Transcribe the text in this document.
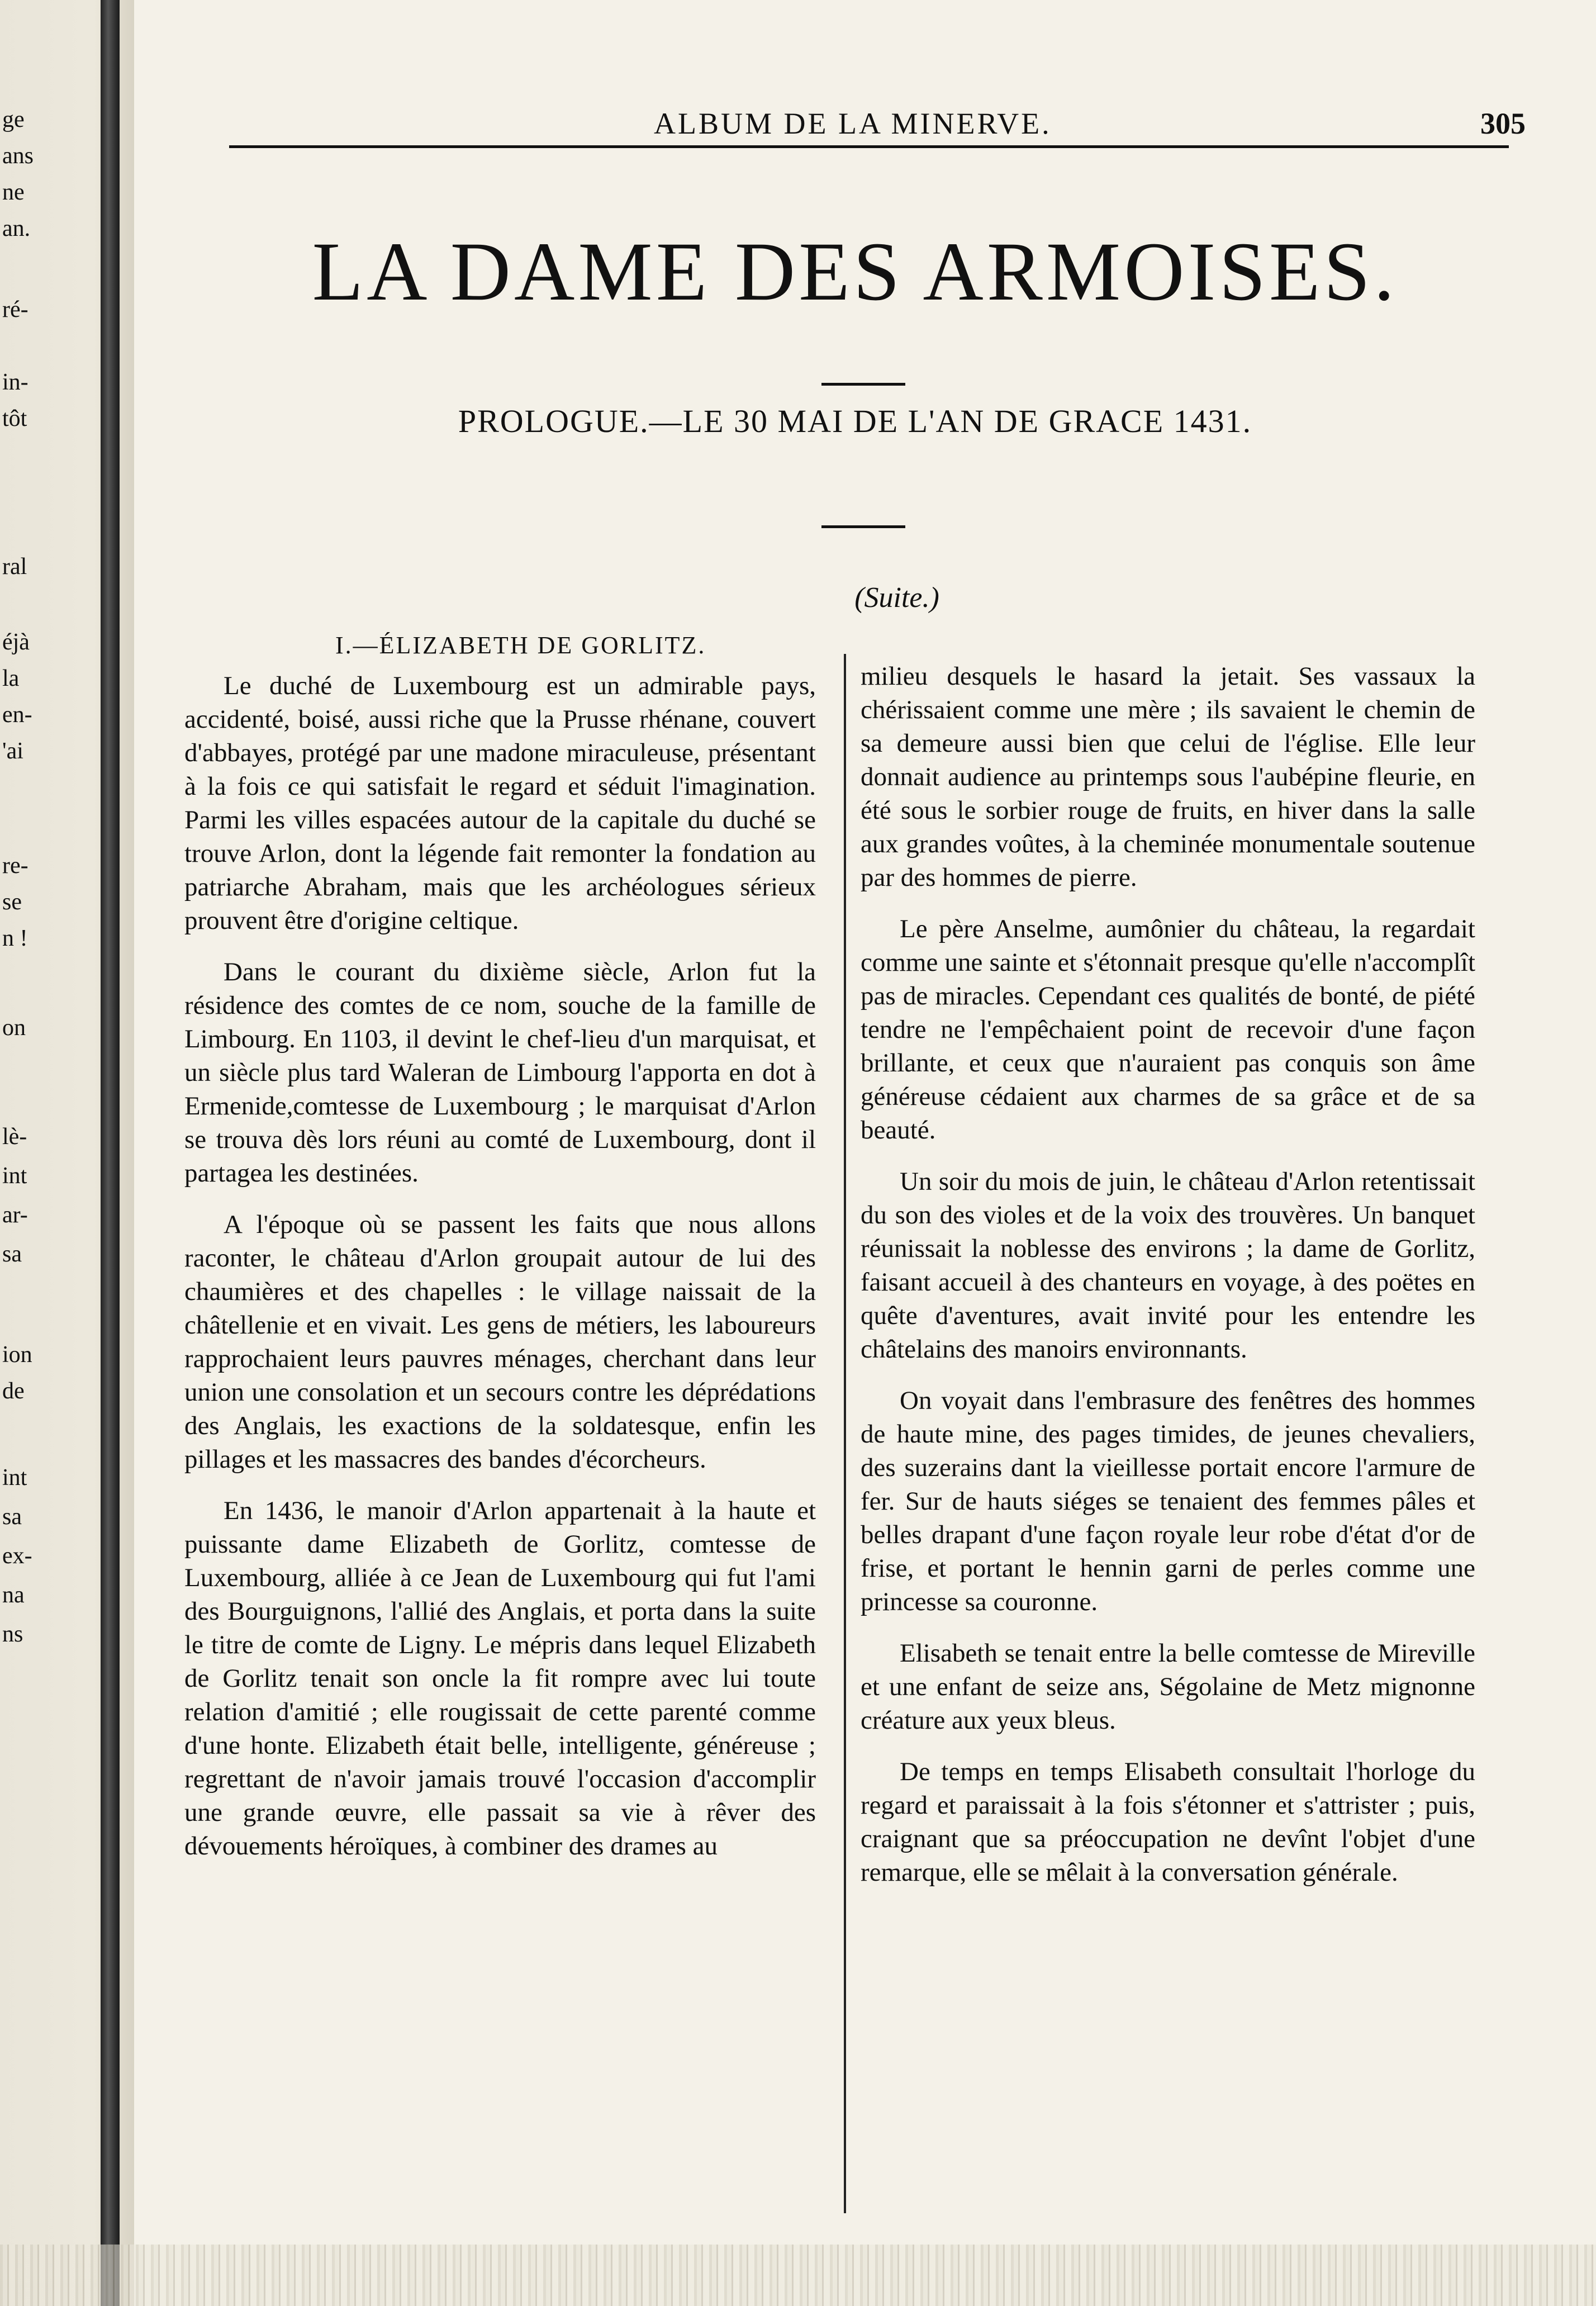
ge
ans
ne
an.
ré-
in-
tôt
ral
éjà
la
en-
'ai
re-
se
n !
on
lè-
int
ar-
sa
ion
de
int
sa
ex-
na
ns
ALBUM DE LA MINERVE.	305
LA DAME DES ARMOISES.
PROLOGUE.—LE 30 MAI DE L'AN DE GRACE 1431.
(Suite.)
I.—ÉLIZABETH DE GORLITZ.

Le duché de Luxembourg est un admirable pays, accidenté, boisé, aussi riche que la Prusse rhénane, couvert d'abbayes, protégé par une madone miraculeuse, présentant à la fois ce qui satisfait le regard et séduit l'imagination. Parmi les villes espacées autour de la capitale du duché se trouve Arlon, dont la légende fait remonter la fondation au patriarche Abraham, mais que les archéologues sérieux prouvent être d'origine celtique.

Dans le courant du dixième siècle, Arlon fut la résidence des comtes de ce nom, souche de la famille de Limbourg. En 1103, il devint le chef-lieu d'un marquisat, et un siècle plus tard Waleran de Limbourg l'apporta en dot à Ermenide,comtesse de Luxembourg ; le marquisat d'Arlon se trouva dès lors réuni au comté de Luxembourg, dont il partagea les destinées.

A l'époque où se passent les faits que nous allons raconter, le château d'Arlon groupait autour de lui des chaumières et des chapelles : le village naissait de la châtellenie et en vivait. Les gens de métiers, les laboureurs rapprochaient leurs pauvres ménages, cherchant dans leur union une consolation et un secours contre les déprédations des Anglais, les exactions de la soldatesque, enfin les pillages et les massacres des bandes d'écorcheurs.

En 1436, le manoir d'Arlon appartenait à la haute et puissante dame Elizabeth de Gorlitz, comtesse de Luxembourg, alliée à ce Jean de Luxembourg qui fut l'ami des Bourguignons, l'allié des Anglais, et porta dans la suite le titre de comte de Ligny. Le mépris dans lequel Elizabeth de Gorlitz tenait son oncle la fit rompre avec lui toute relation d'amitié ; elle rougissait de cette parenté comme d'une honte. Elizabeth était belle, intelligente, généreuse ; regrettant de n'avoir jamais trouvé l'occasion d'accomplir une grande œuvre, elle passait sa vie à rêver des dévouements héroïques, à combiner des drames au

milieu desquels le hasard la jetait. Ses vassaux la chérissaient comme une mère ; ils savaient le chemin de sa demeure aussi bien que celui de l'église. Elle leur donnait audience au printemps sous l'aubépine fleurie, en été sous le sorbier rouge de fruits, en hiver dans la salle aux grandes voûtes, à la cheminée monumentale soutenue par des hommes de pierre.

Le père Anselme, aumônier du château, la regardait comme une sainte et s'étonnait presque qu'elle n'accomplît pas de miracles. Cependant ces qualités de bonté, de piété tendre ne l'empêchaient point de recevoir d'une façon brillante, et ceux que n'auraient pas conquis son âme généreuse cédaient aux charmes de sa grâce et de sa beauté.

Un soir du mois de juin, le château d'Arlon retentissait du son des violes et de la voix des trouvères. Un banquet réunissait la noblesse des environs ; la dame de Gorlitz, faisant accueil à des chanteurs en voyage, à des poëtes en quête d'aventures, avait invité pour les entendre les châtelains des manoirs environnants.

On voyait dans l'embrasure des fenêtres des hommes de haute mine, des pages timides, de jeunes chevaliers, des suzerains dant la vieillesse portait encore l'armure de fer. Sur de hauts siéges se tenaient des femmes pâles et belles drapant d'une façon royale leur robe d'état d'or de frise, et portant le hennin garni de perles comme une princesse sa couronne.

Elisabeth se tenait entre la belle comtesse de Mireville et une enfant de seize ans, Ségolaine de Metz mignonne créature aux yeux bleus.

De temps en temps Elisabeth consultait l'horloge du regard et paraissait à la fois s'étonner et s'attrister ; puis, craignant que sa préoccupation ne devînt l'objet d'une remarque, elle se mêlait à la conversation générale.
